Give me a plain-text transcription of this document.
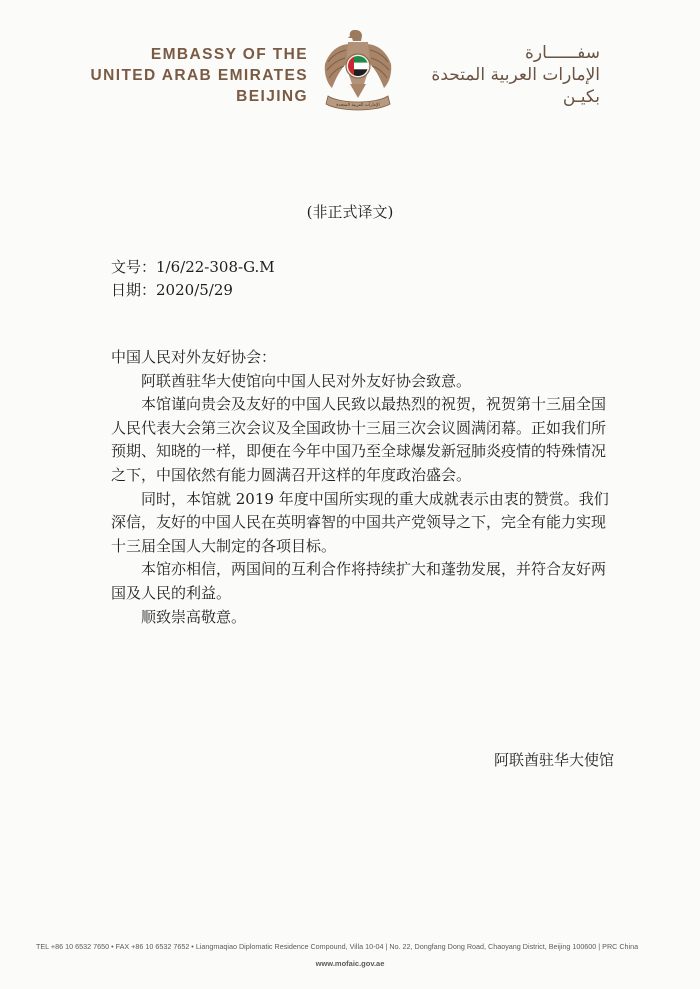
EMBASSY OF THE
UNITED ARAB EMIRATES
BEIJING
الإمارات العربية المتحدة
سفــــــارة
الإمارات العربية المتحدة
بكيـن
(非正式译文)
文号：1/6/22-308-G.M
日期：2020/5/29

中国人民对外友好协会：

阿联酋驻华大使馆向中国人民对外友好协会致意。

本馆谨向贵会及友好的中国人民致以最热烈的祝贺，祝贺第十三届全国人民代表大会第三次会议及全国政协十三届三次会议圆满闭幕。正如我们所预期、知晓的一样，即便在今年中国乃至全球爆发新冠肺炎疫情的特殊情况之下，中国依然有能力圆满召开这样的年度政治盛会。

同时，本馆就 2019 年度中国所实现的重大成就表示由衷的赞赏。我们深信，友好的中国人民在英明睿智的中国共产党领导之下，完全有能力实现十三届全国人大制定的各项目标。

本馆亦相信，两国间的互利合作将持续扩大和蓬勃发展，并符合友好两国及人民的利益。

顺致崇高敬意。

阿联酋驻华大使馆
TEL +86 10 6532 7650 • FAX +86 10 6532 7652 • Liangmaqiao Diplomatic Residence Compound, Villa 10-04 | No. 22, Dongfang Dong Road, Chaoyang District, Beijing 100600 | PRC China
www.mofaic.gov.ae
